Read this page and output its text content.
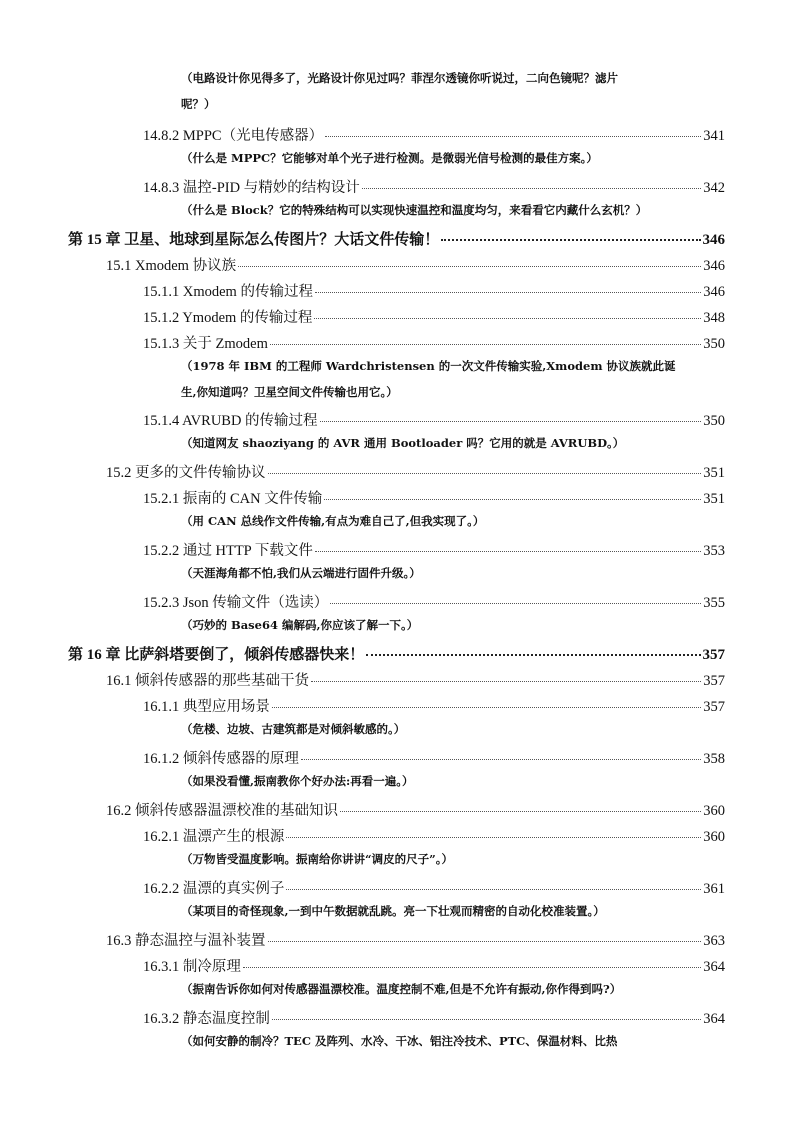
（电路设计你见得多了，光路设计你见过吗？菲涅尔透镜你听说过，二向色镜呢？滤片
呢？）
14.8.2 MPPC（光电传感器）	341
（什么是 MPPC？它能够对单个光子进行检测。是微弱光信号检测的最佳方案。）
14.8.3 温控-PID 与精妙的结构设计	342
（什么是 Block？它的特殊结构可以实现快速温控和温度均匀，来看看它内藏什么玄机？）
第 15 章 卫星、地球到星际怎么传图片？大话文件传输！	346
15.1 Xmodem 协议族	346
15.1.1 Xmodem 的传输过程	346
15.1.2 Ymodem 的传输过程	348
15.1.3 关于 Zmodem	350
（1978 年 IBM 的工程师 Wardchristensen 的一次文件传输实验,Xmodem 协议族就此诞
生,你知道吗？卫星空间文件传输也用它。）
15.1.4 AVRUBD 的传输过程	350
（知道网友 shaoziyang 的 AVR 通用 Bootloader 吗？它用的就是 AVRUBD。）
15.2 更多的文件传输协议	351
15.2.1 振南的 CAN 文件传输	351
（用 CAN 总线作文件传输,有点为难自己了,但我实现了。）
15.2.2 通过 HTTP 下载文件	353
（天涯海角都不怕,我们从云端进行固件升级。）
15.2.3 Json 传输文件（选读）	355
（巧妙的 Base64 编解码,你应该了解一下。）
第 16 章 比萨斜塔要倒了，倾斜传感器快来！	357
16.1 倾斜传感器的那些基础干货	357
16.1.1 典型应用场景	357
（危楼、边坡、古建筑都是对倾斜敏感的。）
16.1.2 倾斜传感器的原理	358
（如果没看懂,振南教你个好办法:再看一遍。）
16.2 倾斜传感器温漂校准的基础知识	360
16.2.1 温漂产生的根源	360
（万物皆受温度影响。振南给你讲讲“调皮的尺子”。）
16.2.2 温漂的真实例子	361
（某项目的奇怪现象,一到中午数据就乱跳。亮一下壮观而精密的自动化校准装置。）
16.3 静态温控与温补装置	363
16.3.1 制冷原理	364
（振南告诉你如何对传感器温漂校准。温度控制不难,但是不允许有振动,你作得到吗?）
16.3.2 静态温度控制	364
（如何安静的制冷？TEC 及阵列、水冷、干冰、铝注冷技术、PTC、保温材料、比热
